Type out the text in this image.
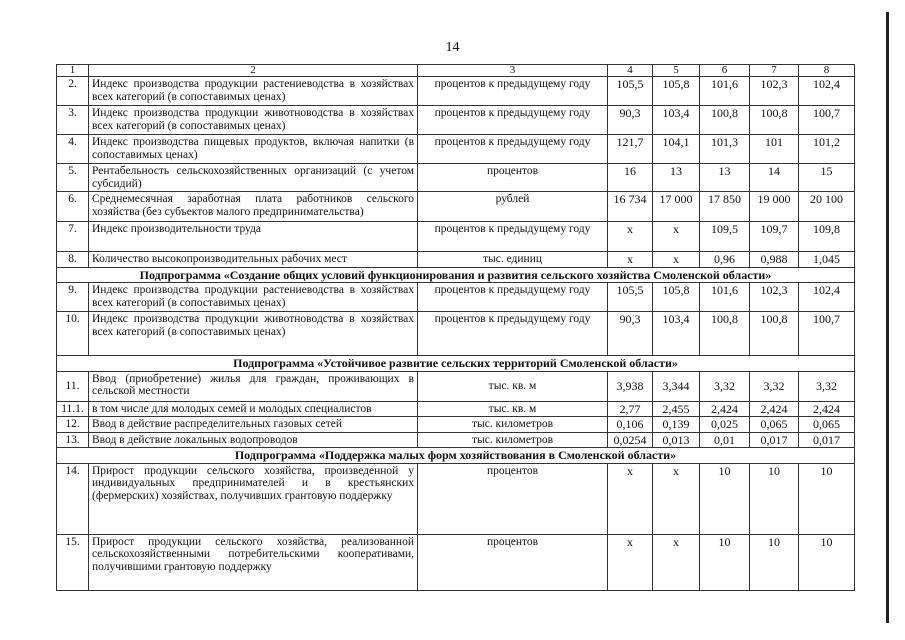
14
1	2	3	4	5	6	7	8
2.	Индекс производства продукции растениеводства в хозяйствах всех категорий (в сопоставимых ценах)	процентов к предыдущему году	105,5	105,8	101,6	102,3	102,4
3.	Индекс производства продукции животноводства в хозяйствах всех категорий (в сопоставимых ценах)	процентов к предыдущему году	90,3	103,4	100,8	100,8	100,7
4.	Индекс производства пищевых продуктов, включая напитки (в сопоставимых ценах)	процентов к предыдущему году	121,7	104,1	101,3	101	101,2
5.	Рентабельность сельскохозяйственных организаций (с учетом субсидий)	процентов	16	13	13	14	15
6.	Среднемесячная заработная плата работников сельского хозяйства (без субъектов малого предпринимательства)	рублей	16 734	17 000	17 850	19 000	20 100
7.	Индекс производительности труда	процентов к предыдущему году	x	x	109,5	109,7	109,8
8.	Количество высокопроизводительных рабочих мест	тыс. единиц	x	x	0,96	0,988	1,045
Подпрограмма «Создание общих условий функционирования и развития сельского хозяйства Смоленской области»							
9.	Индекс производства продукции растениеводства в хозяйствах всех категорий (в сопоставимых ценах)	процентов к предыдущему году	105,5	105,8	101,6	102,3	102,4
10.	Индекс производства продукции животноводства в хозяйствах всех категорий (в сопоставимых ценах)	процентов к предыдущему году	90,3	103,4	100,8	100,8	100,7
Подпрограмма «Устойчивое развитие сельских территорий Смоленской области»							
11.	Ввод (приобретение) жилья для граждан, проживающих в сельской местности	тыс. кв. м	3,938	3,344	3,32	3,32	3,32
11.1.	в том числе для молодых семей и молодых специалистов	тыс. кв. м	2,77	2,455	2,424	2,424	2,424
12.	Ввод в действие распределительных газовых сетей	тыс. километров	0,106	0,139	0,025	0,065	0,065
13.	Ввод в действие локальных водопроводов	тыс. километров	0,0254	0,013	0,01	0,017	0,017
Подпрограмма «Поддержка малых форм хозяйствования в Смоленской области»							
14.	Прирост продукции сельского хозяйства, произведенной у индивидуальных предпринимателей и в крестьянских (фермерских) хозяйствах, получивших грантовую поддержку	процентов	x	x	10	10	10
15.	Прирост продукции сельского хозяйства, реализованной сельскохозяйственными потребительскими кооперативами, получившими грантовую поддержку	процентов	x	x	10	10	10
